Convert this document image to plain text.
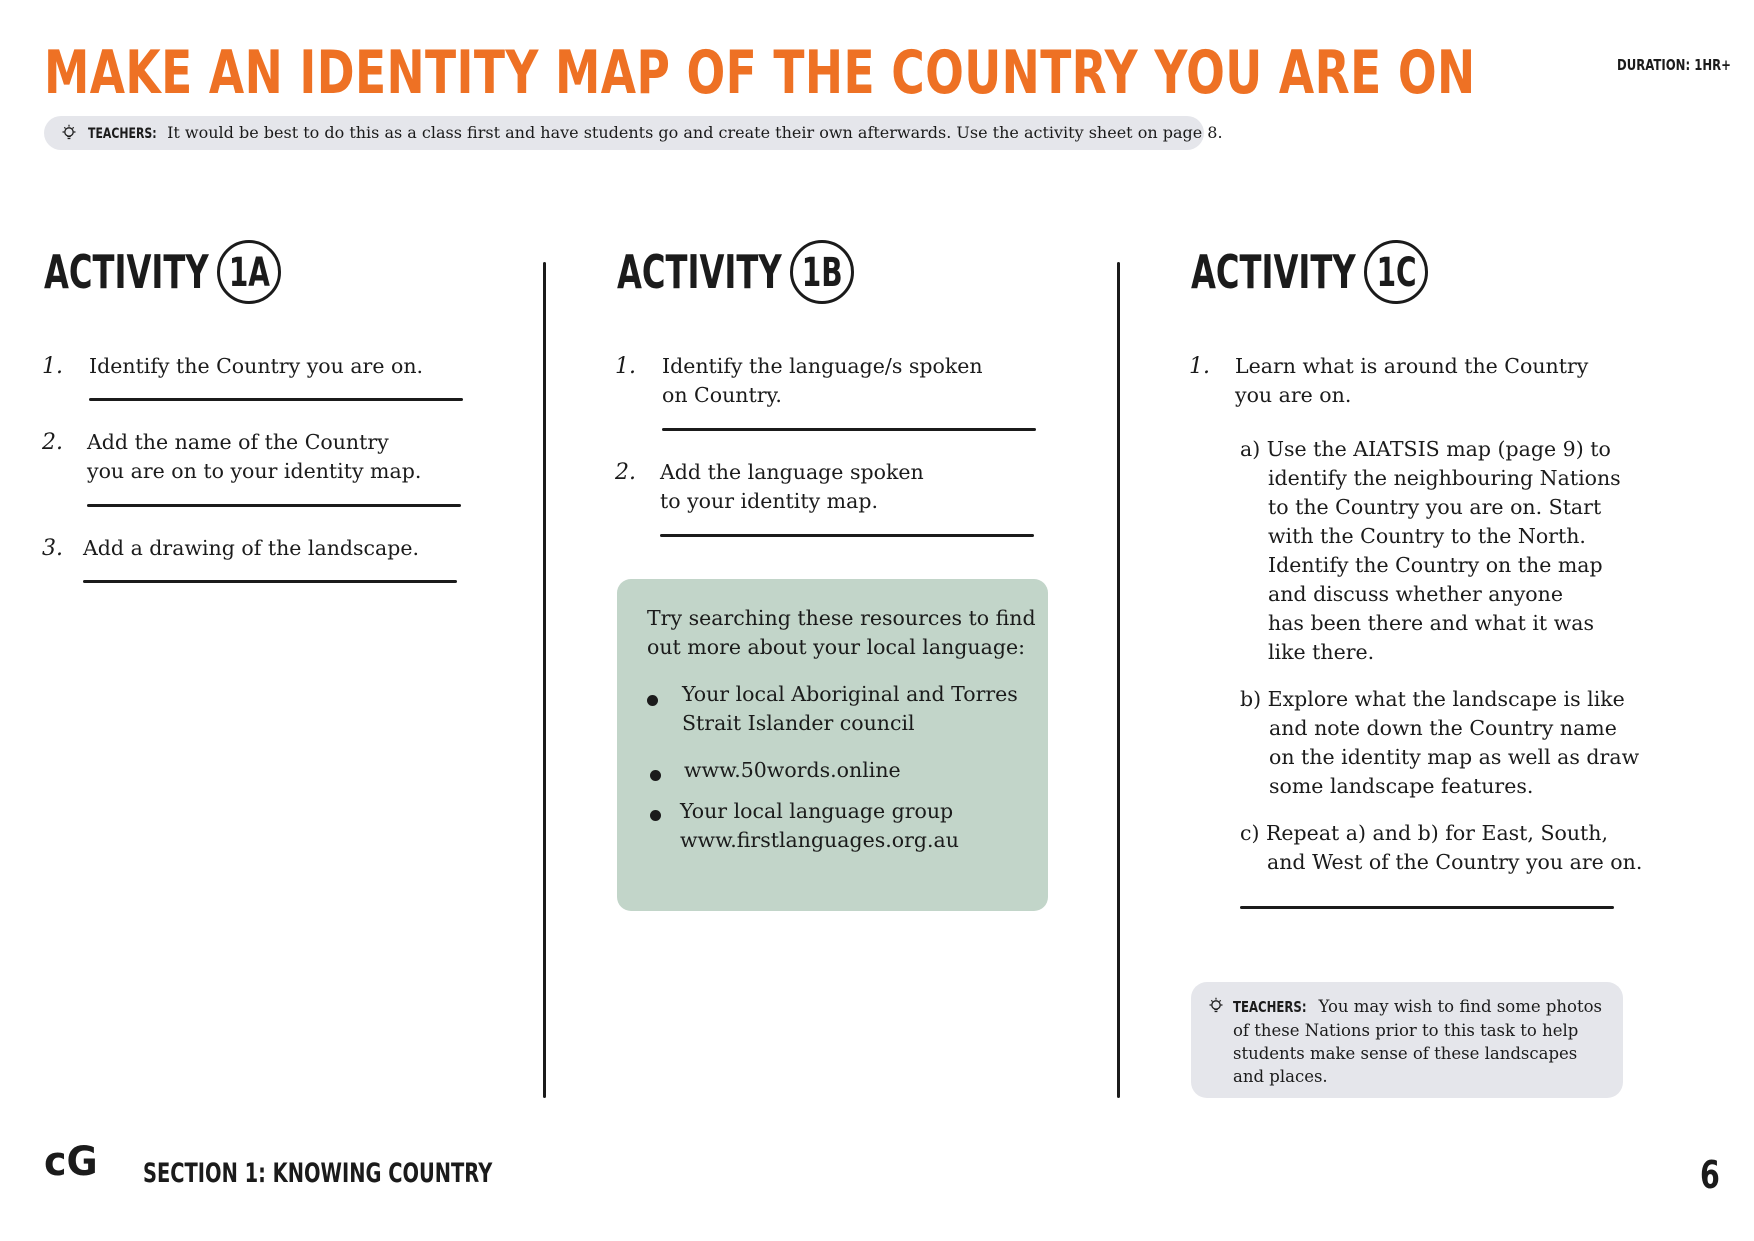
MAKE AN IDENTITY MAP OF THE COUNTRY YOU ARE ON	DURATION: 1HR+
TEACHERS: It would be best to do this as a class first and have students go and create their own afterwards. Use the activity sheet on page 8.
ACTIVITY 1A
1. Identify the Country you are on.
2. Add the name of the Country
you are on to your identity map.
3. Add a drawing of the landscape.
ACTIVITY 1B
1. Identify the language/s spoken
on Country.
2. Add the language spoken
to your identity map.
Try searching these resources to find
out more about your local language:
Your local Aboriginal and Torres
Strait Islander council
www.50words.online
Your local language group
www.firstlanguages.org.au
ACTIVITY 1C
1. Learn what is around the Country
you are on.
a) Use the AIATSIS map (page 9) to
identify the neighbouring Nations
to the Country you are on. Start
with the Country to the North.
Identify the Country on the map
and discuss whether anyone
has been there and what it was
like there.
b) Explore what the landscape is like
and note down the Country name
on the identity map as well as draw
some landscape features.
c) Repeat a) and b) for East, South,
and West of the Country you are on.
TEACHERS: You may wish to find some photos of these Nations prior to this task to help students make sense of these landscapes and places.
cG SECTION 1: KNOWING COUNTRY	6
